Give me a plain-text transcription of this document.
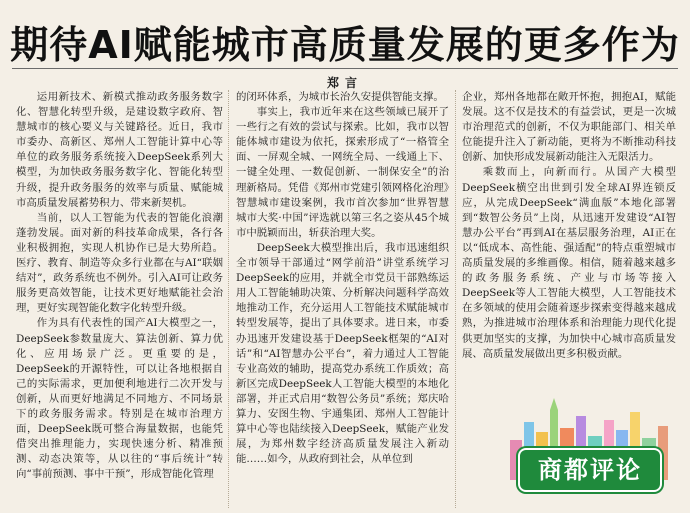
期待AI赋能城市高质量发展的更多作为
郑言

运用新技术、新模式推动政务服务数字化、智慧化转型升级，是建设数字政府、智慧城市的核心要义与关键路径。近日，我市市委办、高新区、郑州人工智能计算中心等单位的政务服务系统接入DeepSeek系列大模型，为加快政务服务数字化、智能化转型升级，提升政务服务的效率与质量、赋能城市高质量发展蓄势积力、带来新契机。

当前，以人工智能为代表的智能化浪潮蓬勃发展。面对新的科技革命成果，各行各业积极拥抱，实现人机协作已是大势所趋。医疗、教育、制造等众多行业都在与AI“联姻结对”，政务系统也不例外。引入AI可让政务服务更高效智能，让技术更好地赋能社会治理，更好实现智能化数字化转型升级。

作为具有代表性的国产AI大模型之一，DeepSeek参数量庞大、算法创新、算力优化、应用场景广泛。更重要的是，DeepSeek的开源特性，可以让各地根据自己的实际需求，更加便利地进行二次开发与创新，从而更好地满足不同地方、不同场景下的政务服务需求。特别是在城市治理方面，DeepSeek既可整合海量数据，也能凭借突出推理能力，实现快速分析、精准预测、动态决策等，从以往的“事后统计”转向“事前预测、事中干预”，形成智能化管理

的闭环体系，为城市长治久安提供智能支撑。

事实上，我市近年来在这些领域已展开了一些行之有效的尝试与探索。比如，我市以智能体城市建设为依托，探索形成了“一格管全面、一屏观全城、一网统全局、一线通上下、一键全处理、一数促创新、一制保安全”的治理新格局。凭借《郑州市党建引领网格化治理》智慧城市建设案例，我市首次参加“世界智慧城市大奖·中国”评选就以第三名之姿从45个城市中脱颖而出，斩获治理大奖。

DeepSeek大模型推出后，我市迅速组织全市领导干部通过“网学前沿”讲堂系统学习DeepSeek的应用，并就全市党员干部熟练运用人工智能辅助决策、分析解决问题科学高效地推动工作，充分运用人工智能技术赋能城市转型发展等，提出了具体要求。进日来，市委办迅速开发建设基于DeepSeek框架的“AI对话”和“AI智慧办公平台”，着力通过人工智能专业高效的辅助，提高党办系统工作质效；高新区完成DeepSeek人工智能大模型的本地化部署，并正式启用“数智公务员”系统；郑庆哈算力、安图生物、宇通集团、郑州人工智能计算中心等也陆续接入DeepSeek，赋能产业发展，为郑州数字经济高质量发展注入新动能……如今，从政府到社会，从单位到

企业，郑州各地都在敞开怀抱，拥抱AI，赋能发展。这不仅是技术的有益尝试，更是一次城市治理范式的创新，不仅为职能部门、相关单位能提升注入了新动能，更将为不断推动科技创新、加快形成发展新动能注入无限活力。

乘数而上，向新而行。从国产大模型DeepSeek横空出世到引发全球AI界连锁反应，从完成DeepSeek“满血版”本地化部署到“数智公务员”上岗，从迅速开发建设“AI智慧办公平台”再到AI在基层服务治理，AI正在以“低成本、高性能、强适配”的特点重塑城市高质量发展的多维画像。相信，随着越来越多的政务服务系统、产业与市场等接入DeepSeek等人工智能大模型，人工智能技术在多领域的使用会随着逐步探索变得越来越成熟，为推进城市治理体系和治理能力现代化提供更加坚实的支撑，为加快中心城市高质量发展、高质量发展做出更多积极贡献。

商都评论
